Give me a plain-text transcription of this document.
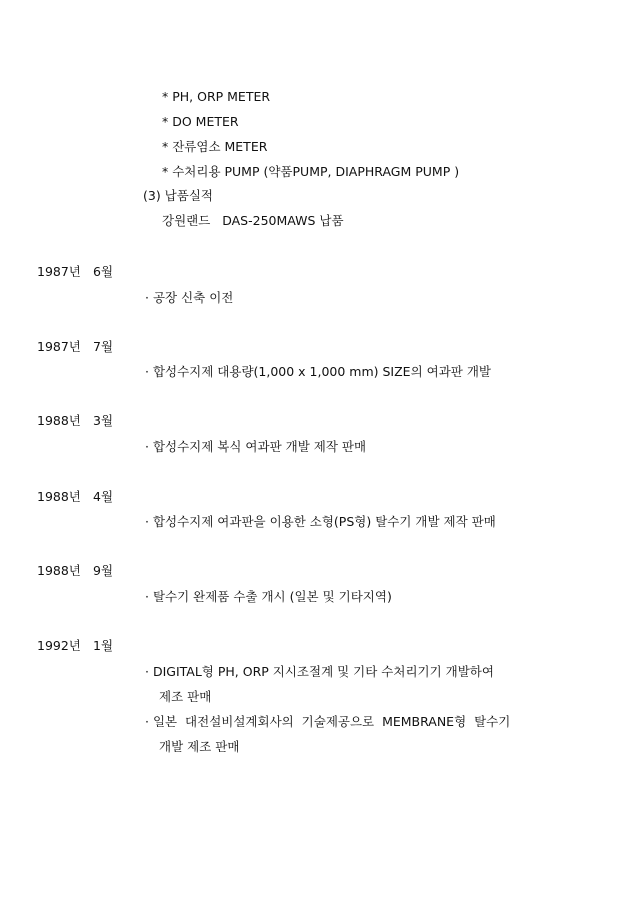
* PH, ORP METER
* DO METER
* 잔류염소 METER
* 수처리용 PUMP (약품PUMP, DIAPHRAGM PUMP )
(3) 납품실적
강원랜드   DAS-250MAWS 납품
1987년 6월
· 공장 신축 이전
1987년 7월
· 합성수지제 대용량(1,000 x 1,000 mm) SIZE의 여과판 개발
1988년 3월
· 합성수지제 복식 여과판 개발 제작 판매
1988년 4월
· 합성수지제 여과판을 이용한 소형(PS형) 탈수기 개발 제작 판매
1988년 9월
· 탈수기 완제품 수출 개시 (일본 및 기타지역)
1992년 1월
· DIGITAL형 PH, ORP 지시조절계 및 기타 수처리기기 개발하여
제조 판매
· 일본  대전설비설계회사의  기술제공으로  MEMBRANE형  탈수기
개발 제조 판매
